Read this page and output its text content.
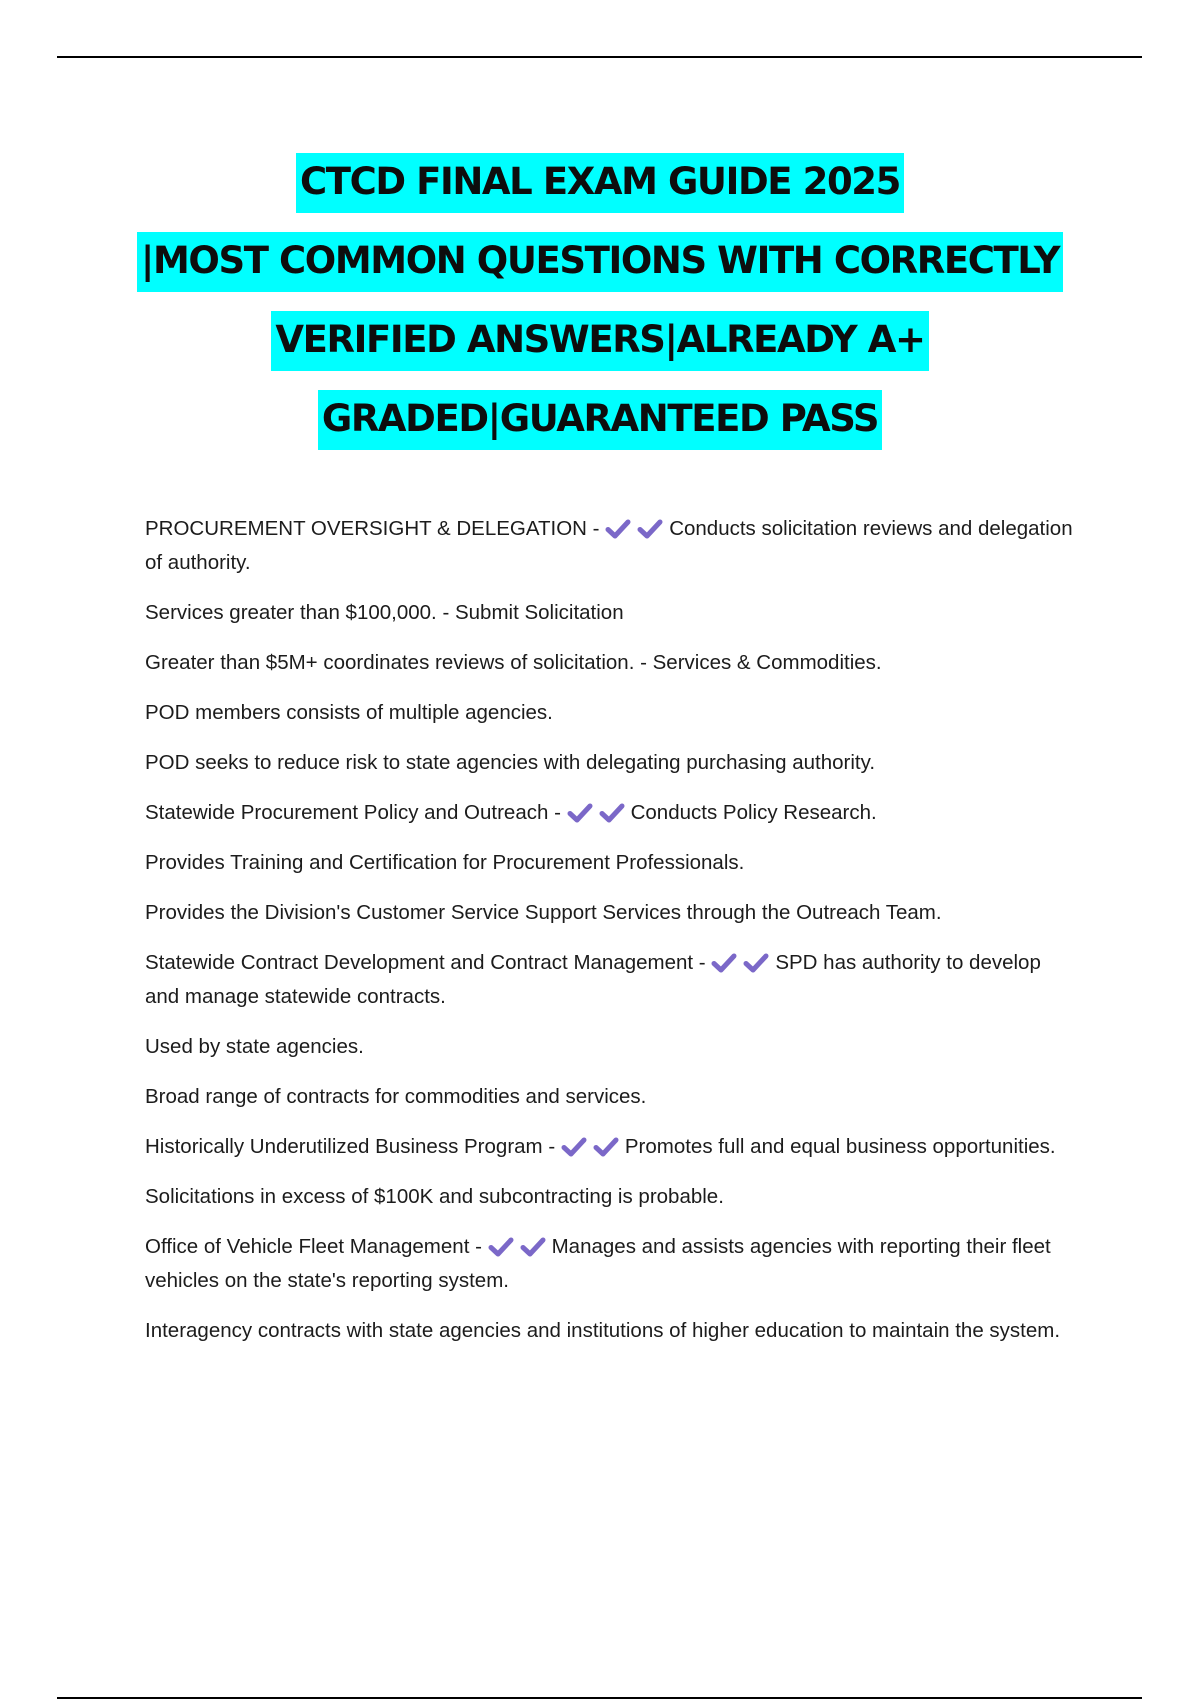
CTCD FINAL EXAM GUIDE 2025
|MOST COMMON QUESTIONS WITH CORRECTLY
VERIFIED ANSWERS|ALREADY A+
GRADED|GUARANTEED PASS
PROCUREMENT OVERSIGHT & DELEGATION -	Conducts solicitation reviews and delegation of authority.
Services greater than $100,000. - Submit Solicitation
Greater than $5M+ coordinates reviews of solicitation. - Services & Commodities.
POD members consists of multiple agencies.
POD seeks to reduce risk to state agencies with delegating purchasing authority.
Statewide Procurement Policy and Outreach -	Conducts Policy Research.
Provides Training and Certification for Procurement Professionals.
Provides the Division's Customer Service Support Services through the Outreach Team.
Statewide Contract Development and Contract Management -	SPD has authority to develop and manage statewide contracts.
Used by state agencies.
Broad range of contracts for commodities and services.
Historically Underutilized Business Program -	Promotes full and equal business opportunities.
Solicitations in excess of $100K and subcontracting is probable.
Office of Vehicle Fleet Management -	Manages and assists agencies with reporting their fleet vehicles on the state's reporting system.
Interagency contracts with state agencies and institutions of higher education to maintain the system.
